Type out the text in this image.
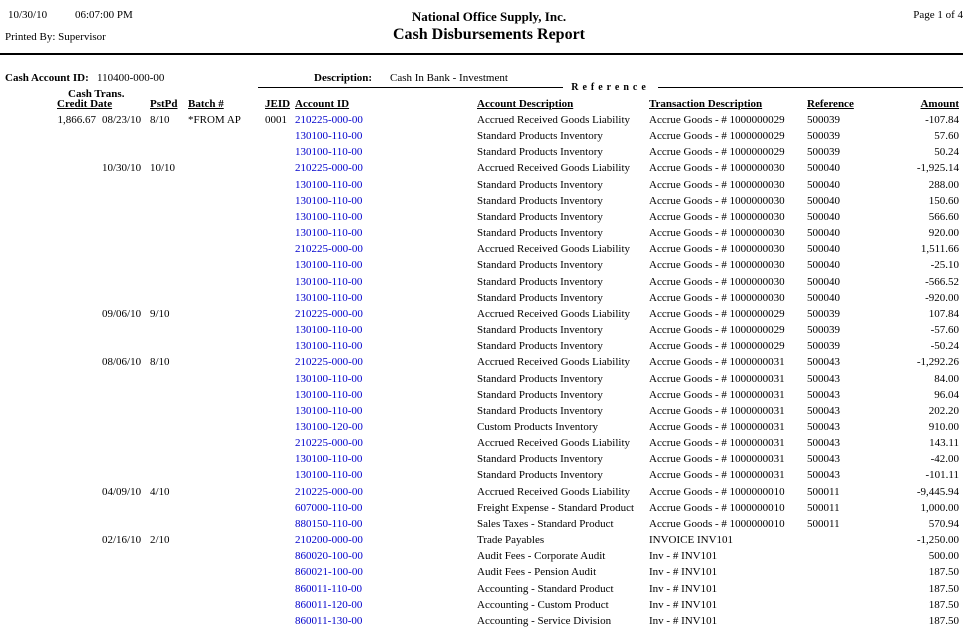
10/30/10	06:07:00 PM	National Office Supply, Inc.	Page 1 of 4
Printed By: Supervisor	Cash Disbursements Report
Cash Account ID: 110400-000-00	Description: Cash In Bank - Investment
Reference
Cash Trans.
Credit Date	PstPd Batch #	JEID Account ID	Account Description	Transaction Description	Reference	Amount
1,866.67 08/23/10 8/10	*FROM AP	0001 210225-000-00	Accrued Received Goods Liability	Accrue Goods - # 1000000029	500039	-107.84
130100-110-00	Standard Products Inventory	Accrue Goods - # 1000000029	500039	57.60
130100-110-00	Standard Products Inventory	Accrue Goods - # 1000000029	500039	50.24
10/30/10 10/10	210225-000-00	Accrued Received Goods Liability	Accrue Goods - # 1000000030	500040	-1,925.14
130100-110-00	Standard Products Inventory	Accrue Goods - # 1000000030	500040	288.00
130100-110-00	Standard Products Inventory	Accrue Goods - # 1000000030	500040	150.60
130100-110-00	Standard Products Inventory	Accrue Goods - # 1000000030	500040	566.60
130100-110-00	Standard Products Inventory	Accrue Goods - # 1000000030	500040	920.00
210225-000-00	Accrued Received Goods Liability	Accrue Goods - # 1000000030	500040	1,511.66
130100-110-00	Standard Products Inventory	Accrue Goods - # 1000000030	500040	-25.10
130100-110-00	Standard Products Inventory	Accrue Goods - # 1000000030	500040	-566.52
130100-110-00	Standard Products Inventory	Accrue Goods - # 1000000030	500040	-920.00
09/06/10 9/10	210225-000-00	Accrued Received Goods Liability	Accrue Goods - # 1000000029	500039	107.84
130100-110-00	Standard Products Inventory	Accrue Goods - # 1000000029	500039	-57.60
130100-110-00	Standard Products Inventory	Accrue Goods - # 1000000029	500039	-50.24
08/06/10 8/10	210225-000-00	Accrued Received Goods Liability	Accrue Goods - # 1000000031	500043	-1,292.26
130100-110-00	Standard Products Inventory	Accrue Goods - # 1000000031	500043	84.00
130100-110-00	Standard Products Inventory	Accrue Goods - # 1000000031	500043	96.04
130100-110-00	Standard Products Inventory	Accrue Goods - # 1000000031	500043	202.20
130100-120-00	Custom Products Inventory	Accrue Goods - # 1000000031	500043	910.00
210225-000-00	Accrued Received Goods Liability	Accrue Goods - # 1000000031	500043	143.11
130100-110-00	Standard Products Inventory	Accrue Goods - # 1000000031	500043	-42.00
130100-110-00	Standard Products Inventory	Accrue Goods - # 1000000031	500043	-101.11
04/09/10 4/10	210225-000-00	Accrued Received Goods Liability	Accrue Goods - # 1000000010	500011	-9,445.94
607000-110-00	Freight Expense - Standard Product	Accrue Goods - # 1000000010	500011	1,000.00
880150-110-00	Sales Taxes - Standard Product	Accrue Goods - # 1000000010	500011	570.94
02/16/10 2/10	210200-000-00	Trade Payables	INVOICE INV101	-1,250.00
860020-100-00	Audit Fees - Corporate Audit	Inv - # INV101	500.00
860021-100-00	Audit Fees - Pension Audit	Inv - # INV101	187.50
860011-110-00	Accounting - Standard Product	Inv - # INV101	187.50
860011-120-00	Accounting - Custom Product	Inv - # INV101	187.50
860011-130-00	Accounting - Service Division	Inv - # INV101	187.50
